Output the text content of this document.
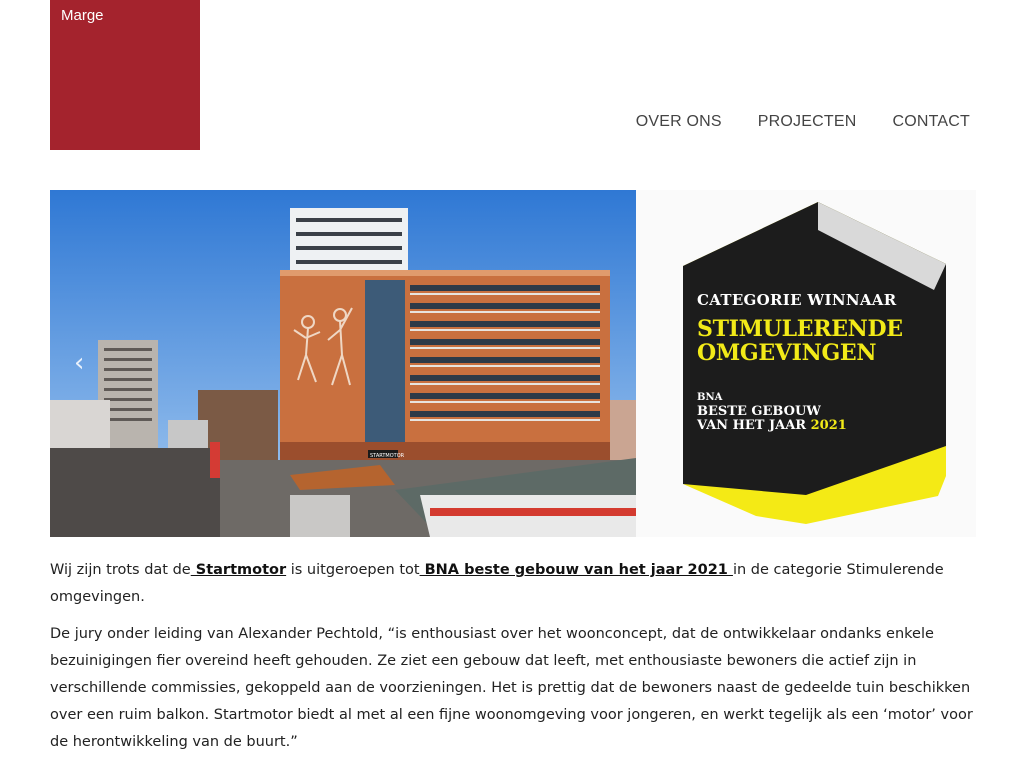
Marge
OVER ONS PROJECTEN CONTACT
STARTMOTOR
‹
CATEGORIE WINNAAR
STIMULERENDE
OMGEVINGEN
BNA
BESTE GEBOUW
VAN HET JAAR 2021

Wij zijn trots dat de Startmotor is uitgeroepen tot BNA beste gebouw van het jaar 2021 in de categorie Stimulerende omgevingen.

De jury onder leiding van Alexander Pechtold, “is enthousiast over het woonconcept, dat de ontwikkelaar ondanks enkele bezuinigingen fier overeind heeft gehouden. Ze ziet een gebouw dat leeft, met enthousiaste bewoners die actief zijn in verschillende commissies, gekoppeld aan de voorzieningen. Het is prettig dat de bewoners naast de gedeelde tuin beschikken over een ruim balkon. Startmotor biedt al met al een fijne woonomgeving voor jongeren, en werkt tegelijk als een ‘motor’ voor de herontwikkeling van de buurt.”
